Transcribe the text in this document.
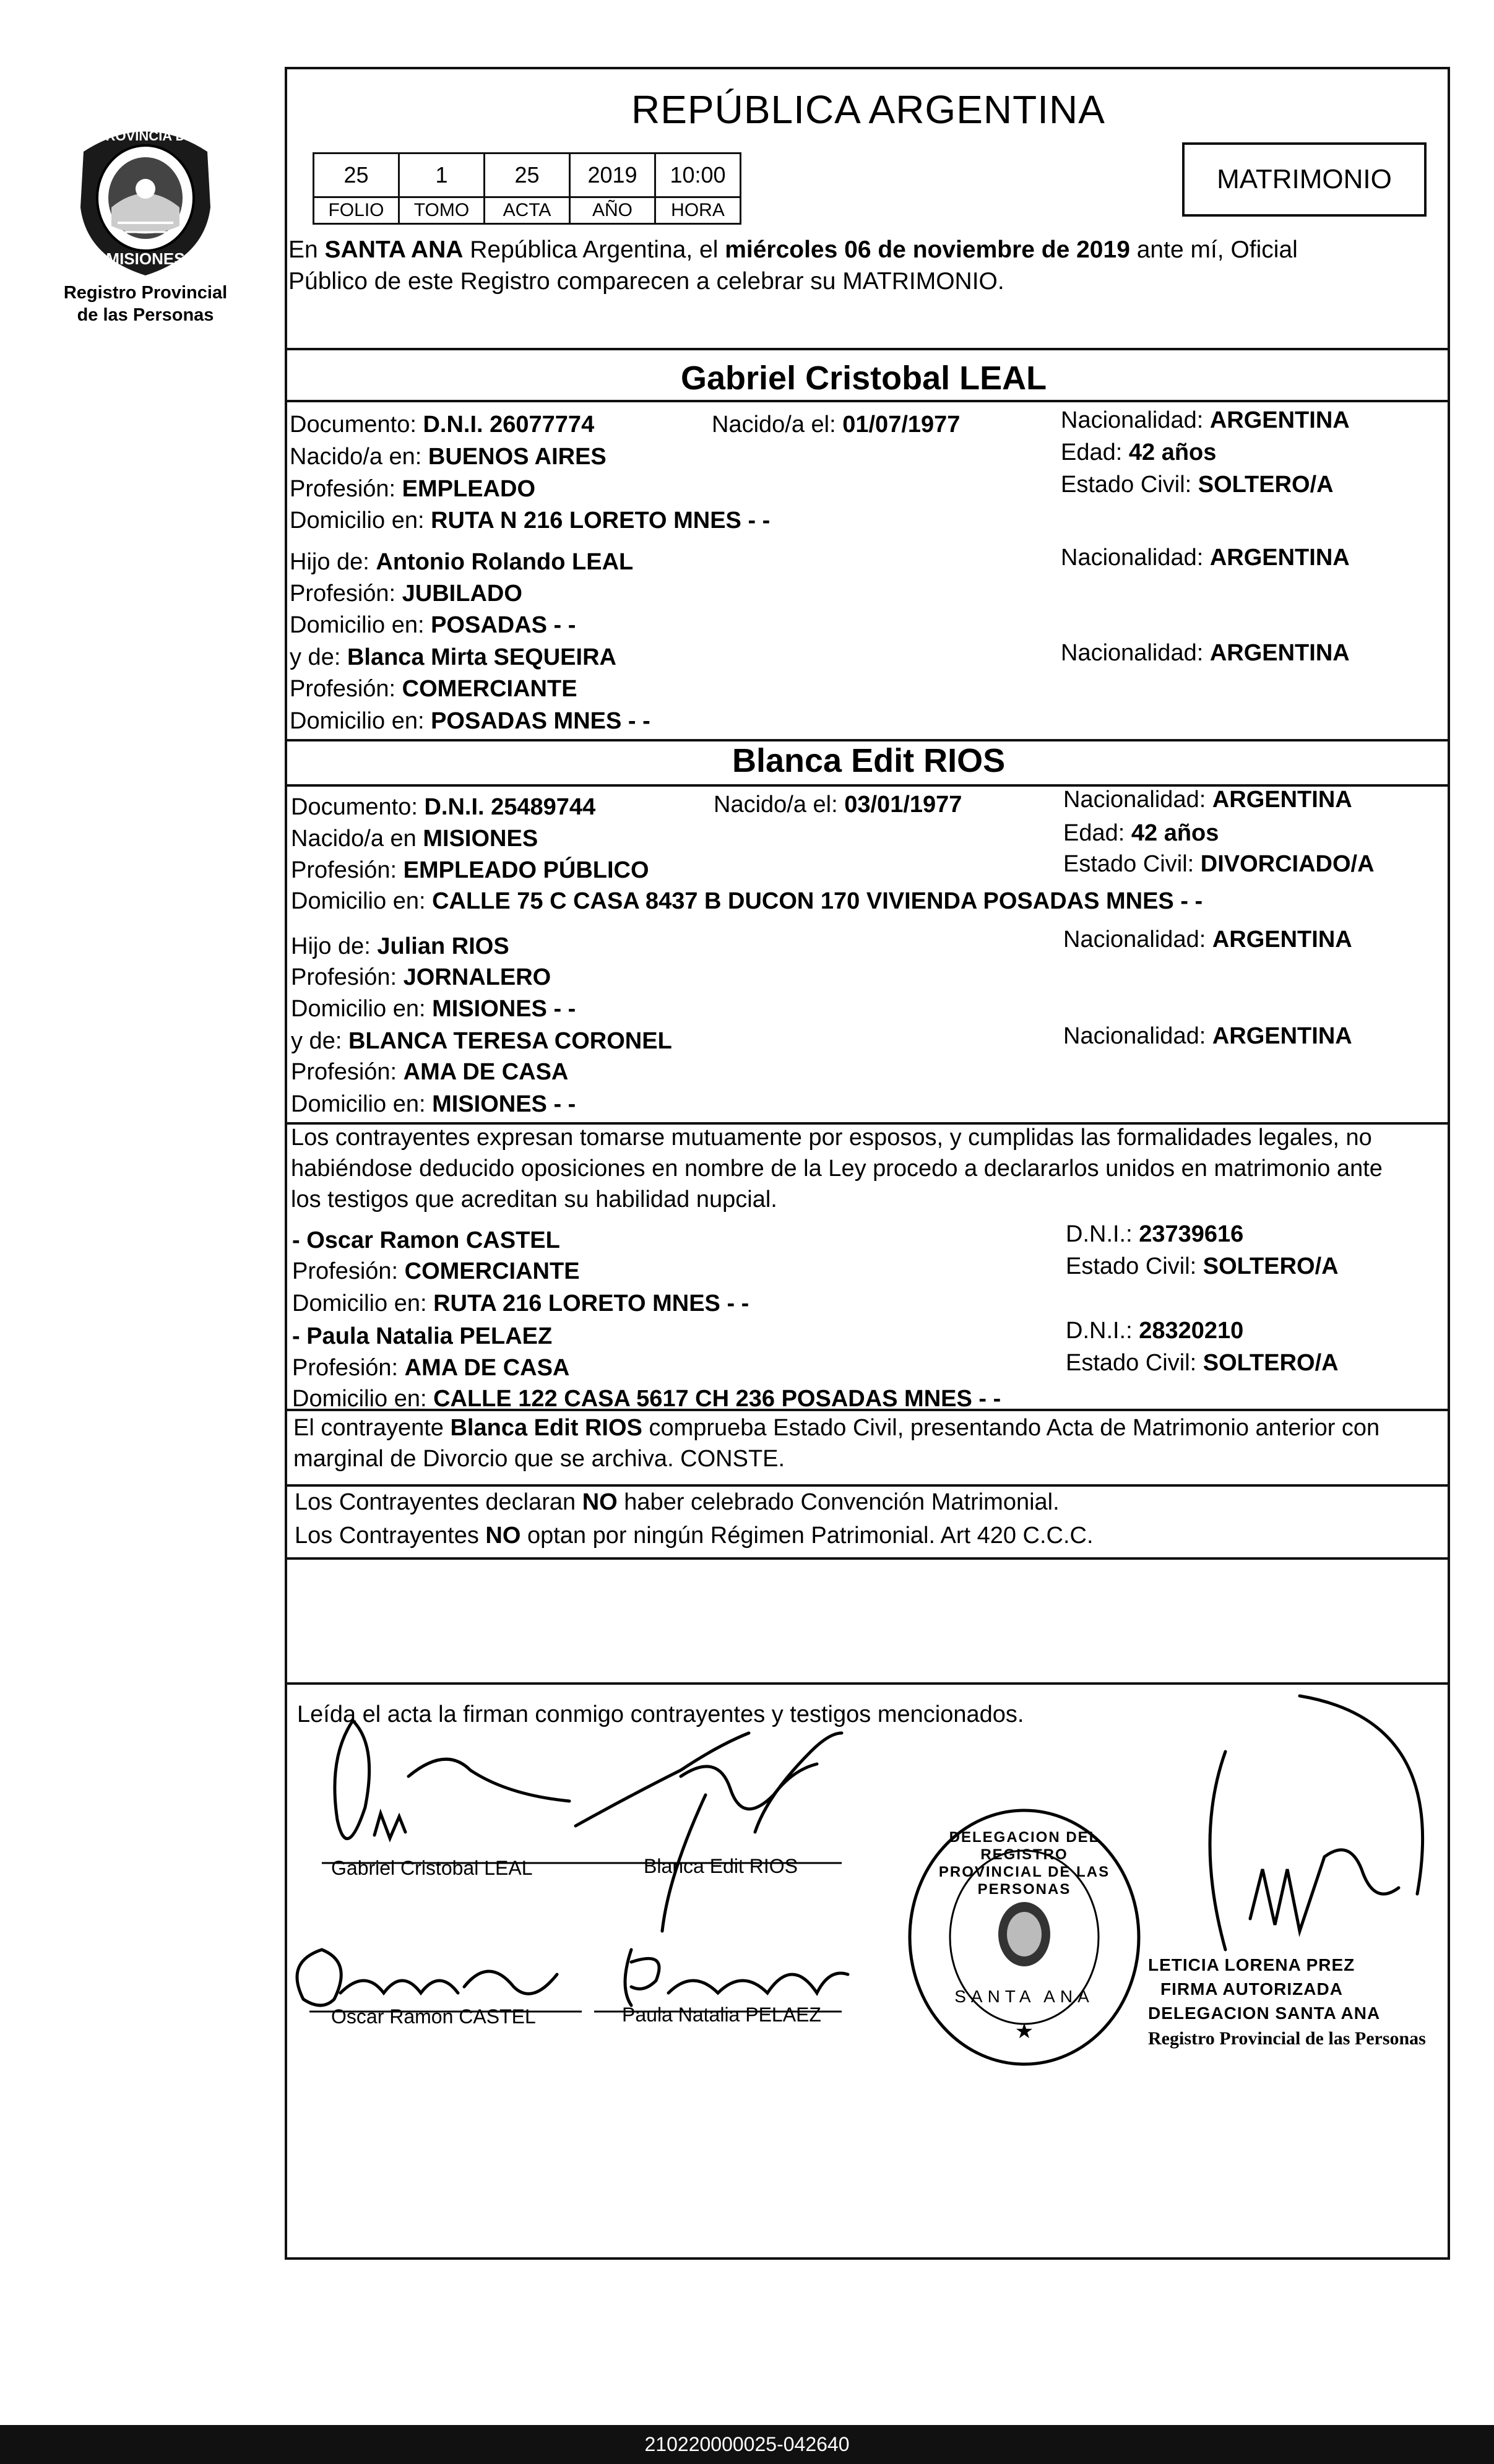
PROVINCIA DE
MISIONES
Registro Provincial
de las Personas
REPÚBLICA ARGENTINA
25	1	25	2019	10:00
FOLIO	TOMO	ACTA	AÑO	HORA
MATRIMONIO
En SANTA ANA República Argentina, el miércoles 06 de noviembre de 2019 ante mí, Oficial
Público de este Registro comparecen a celebrar su MATRIMONIO.
Gabriel Cristobal LEAL
Documento: D.N.I. 26077774	Nacido/a el: 01/07/1977	Nacionalidad: ARGENTINA
Nacido/a en: BUENOS AIRES	Edad: 42 años
Profesión: EMPLEADO	Estado Civil: SOLTERO/A
Domicilio en: RUTA N 216 LORETO MNES - -
Hijo de: Antonio Rolando LEAL	Nacionalidad: ARGENTINA
Profesión: JUBILADO
Domicilio en: POSADAS - -
y de: Blanca Mirta SEQUEIRA	Nacionalidad: ARGENTINA
Profesión: COMERCIANTE
Domicilio en: POSADAS MNES - -
Blanca Edit RIOS
Documento: D.N.I. 25489744	Nacido/a el: 03/01/1977	Nacionalidad: ARGENTINA
Nacido/a en MISIONES	Edad: 42 años
Profesión: EMPLEADO PÚBLICO	Estado Civil: DIVORCIADO/A
Domicilio en: CALLE 75 C CASA 8437 B DUCON 170 VIVIENDA POSADAS MNES - -
Hijo de: Julian RIOS	Nacionalidad: ARGENTINA
Profesión: JORNALERO
Domicilio en: MISIONES - -
y de: BLANCA TERESA CORONEL	Nacionalidad: ARGENTINA
Profesión: AMA DE CASA
Domicilio en: MISIONES - -
Los contrayentes expresan tomarse mutuamente por esposos, y cumplidas las formalidades legales, no
habiéndose deducido oposiciones en nombre de la Ley procedo a declararlos unidos en matrimonio ante
los testigos que acreditan su habilidad nupcial.
- Oscar Ramon CASTEL	D.N.I.: 23739616
Profesión: COMERCIANTE	Estado Civil: SOLTERO/A
Domicilio en: RUTA 216 LORETO MNES - -
- Paula Natalia PELAEZ	D.N.I.: 28320210
Profesión: AMA DE CASA	Estado Civil: SOLTERO/A
Domicilio en: CALLE 122 CASA 5617 CH 236 POSADAS MNES - -
El contrayente Blanca Edit RIOS comprueba Estado Civil, presentando Acta de Matrimonio anterior con
marginal de Divorcio que se archiva. CONSTE.
Los Contrayentes declaran NO haber celebrado Convención Matrimonial.
Los Contrayentes NO optan por ningún Régimen Patrimonial. Art 420 C.C.C.
Leída el acta la firman conmigo contrayentes y testigos mencionados.
Gabriel Cristobal LEAL	Blanca Edit RIOS
Oscar Ramon CASTEL	Paula Natalia PELAEZ
★
DELEGACION DEL REGISTRO PROVINCIAL DE LAS PERSONAS
SANTA ANA
LETICIA LORENA PREZ
FIRMA AUTORIZADA
DELEGACION SANTA ANA
Registro Provincial de las Personas
210220000025-042640
